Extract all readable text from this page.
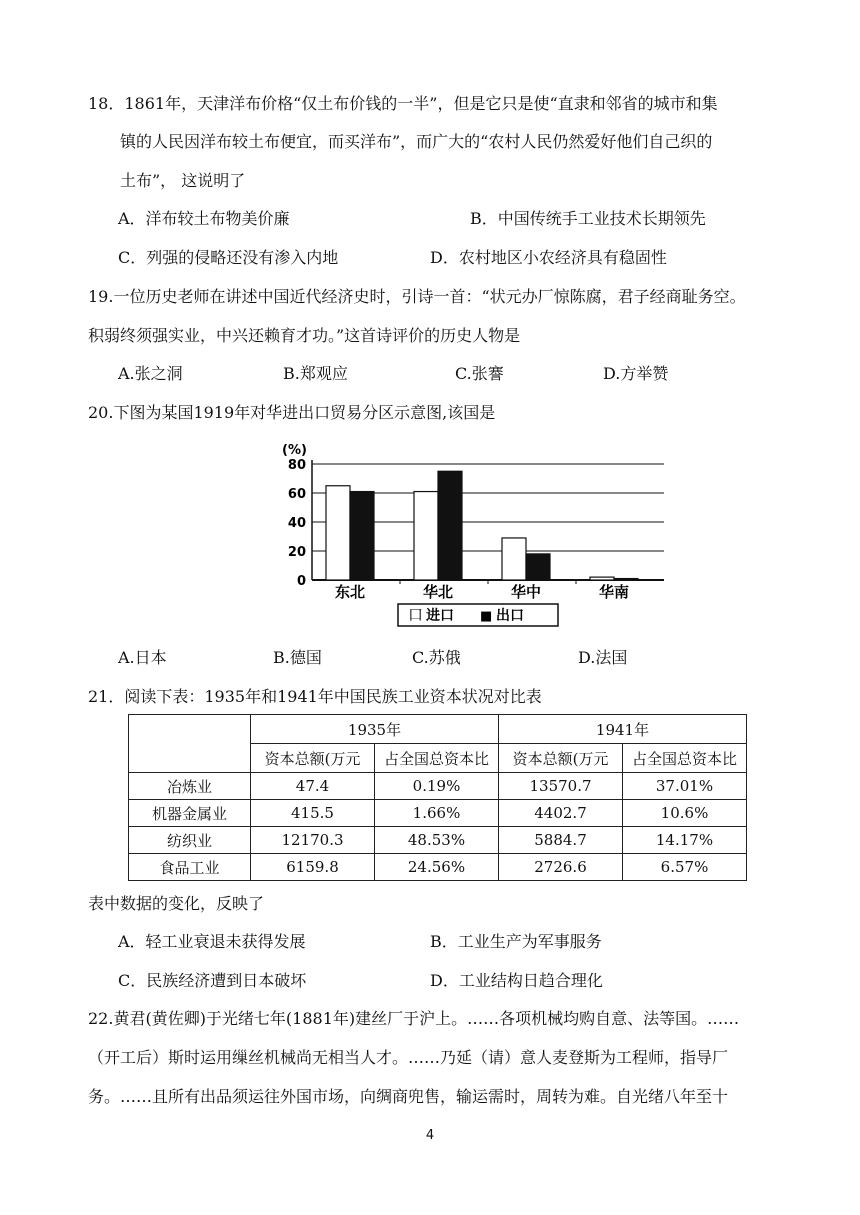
18．1861年，天津洋布价格“仅土布价钱的一半”，但是它只是使“直隶和邻省的城市和集
镇的人民因洋布较土布便宜，而买洋布”，而广大的“农村人民仍然爱好他们自己织的
土布”， 这说明了
A．洋布较土布物美价廉	B．中国传统手工业技术长期领先
C．列强的侵略还没有渗入内地	D．农村地区小农经济具有稳固性
19.一位历史老师在讲述中国近代经济史时，引诗一首：“状元办厂惊陈腐，君子经商耻务空。
积弱终须强实业，中兴还赖育才功。”这首诗评价的历史人物是
A.张之洞	B.郑观应	C.张謇	D.方举赞
20.下图为某国1919年对华进出口贸易分区示意图,该国是
0
20
40
60
80
东北	华北	华中	华南
(%)
口 进口 ■ 出口
A.日本	B.德国	C.苏俄	D.法国
21．阅读下表：1935年和1941年中国民族工业资本状况对比表
	1935年		1941年	
	资本总额(万元	占全国总资本比	资本总额(万元	占全国总资本比
冶炼业	47.4	0.19%	13570.7	37.01%
机器金属业	415.5	1.66%	4402.7	10.6%
纺织业	12170.3	48.53%	5884.7	14.17%
食品工业	6159.8	24.56%	2726.6	6.57%
表中数据的变化，反映了
A．轻工业衰退未获得发展	B．工业生产为军事服务
C．民族经济遭到日本破坏	D．工业结构日趋合理化
22.黄君(黄佐卿)于光绪七年(1881年)建丝厂于沪上。……各项机械均购自意、法等国。……
（开工后）斯时运用缫丝机械尚无相当人才。……乃延（请）意人麦登斯为工程师，指导厂
务。……且所有出品须运往外国市场，向绸商兜售，输运需时，周转为难。自光绪八年至十
4
